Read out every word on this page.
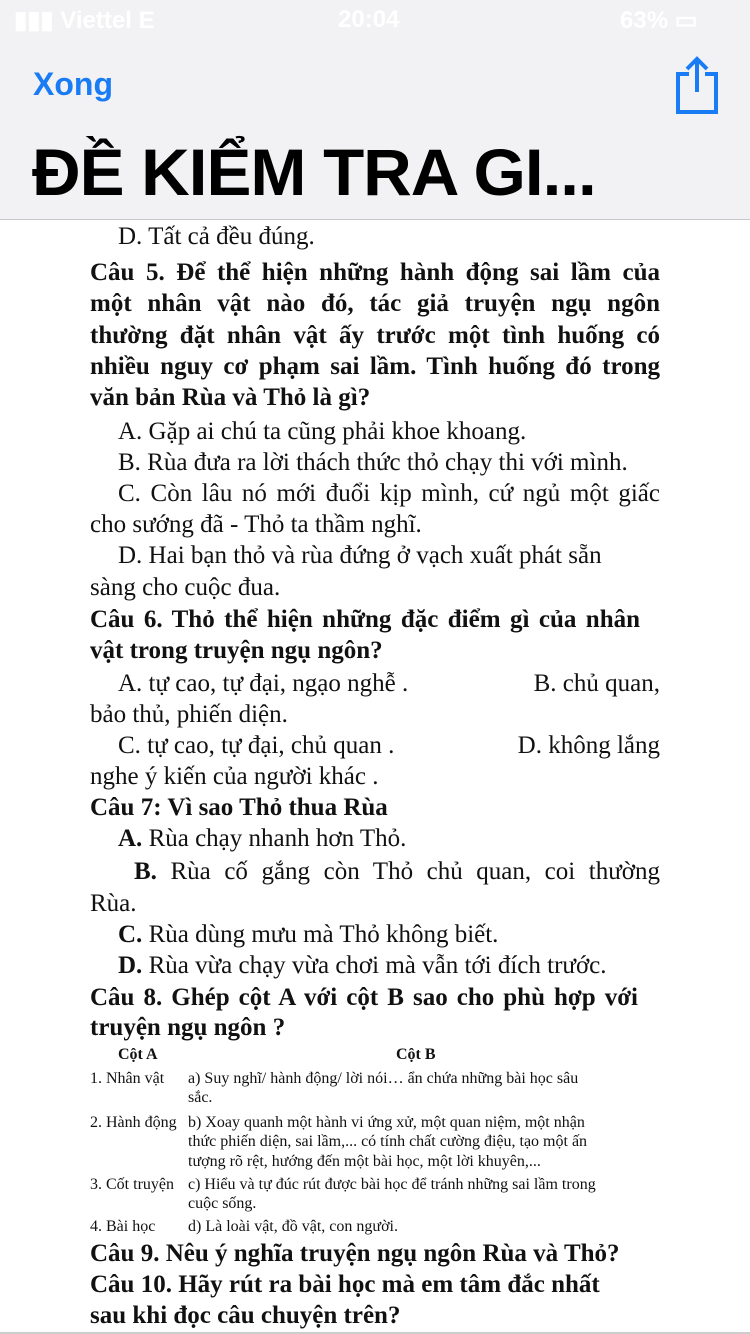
▮▮▮ Viettel E	20:04	63% ▭
Xong
ĐỀ KIỂM TRA GI...
D. Tất cả đều đúng.
Câu 5. Để thể hiện những hành động sai lầm của
một nhân vật nào đó, tác giả truyện ngụ ngôn
thường đặt nhân vật ấy trước một tình huống có
nhiều nguy cơ phạm sai lầm. Tình huống đó trong
văn bản Rùa và Thỏ là gì?
A. Gặp ai chú ta cũng phải khoe khoang.
B. Rùa đưa ra lời thách thức thỏ chạy thi với mình.
C. Còn lâu nó mới đuổi kịp mình, cứ ngủ một giấc
cho sướng đã - Thỏ ta thầm nghĩ.
D. Hai bạn thỏ và rùa đứng ở vạch xuất phát sẵn
sàng cho cuộc đua.
Câu 6. Thỏ thể hiện những đặc điểm gì của nhân
vật trong truyện ngụ ngôn?
A. tự cao, tự đại, ngạo nghễ .	B. chủ quan,
bảo thủ, phiến diện.
C. tự cao, tự đại, chủ quan .	D. không lắng
nghe ý kiến của người khác .
Câu 7: Vì sao Thỏ thua Rùa
A. Rùa chạy nhanh hơn Thỏ.
B. Rùa cố gắng còn Thỏ chủ quan, coi thường
Rùa.
C. Rùa dùng mưu mà Thỏ không biết.
D. Rùa vừa chạy vừa chơi mà vẫn tới đích trước.
Câu 8. Ghép cột A với cột B sao cho phù hợp với
truyện ngụ ngôn ?
Cột A	Cột B
1. Nhân vật a) Suy nghĩ/ hành động/ lời nói… ẩn chứa những bài học sâu
sắc.
2. Hành động b) Xoay quanh một hành vi ứng xử, một quan niệm, một nhận
thức phiến diện, sai lầm,... có tính chất cường điệu, tạo một ấn
tượng rõ rệt, hướng đến một bài học, một lời khuyên,...
3. Cốt truyện c) Hiểu và tự đúc rút được bài học để tránh những sai lầm trong
cuộc sống.
4. Bài học d) Là loài vật, đồ vật, con người.
Câu 9. Nêu ý nghĩa truyện ngụ ngôn Rùa và Thỏ?
Câu 10. Hãy rút ra bài học mà em tâm đắc nhất
sau khi đọc câu chuyện trên?
